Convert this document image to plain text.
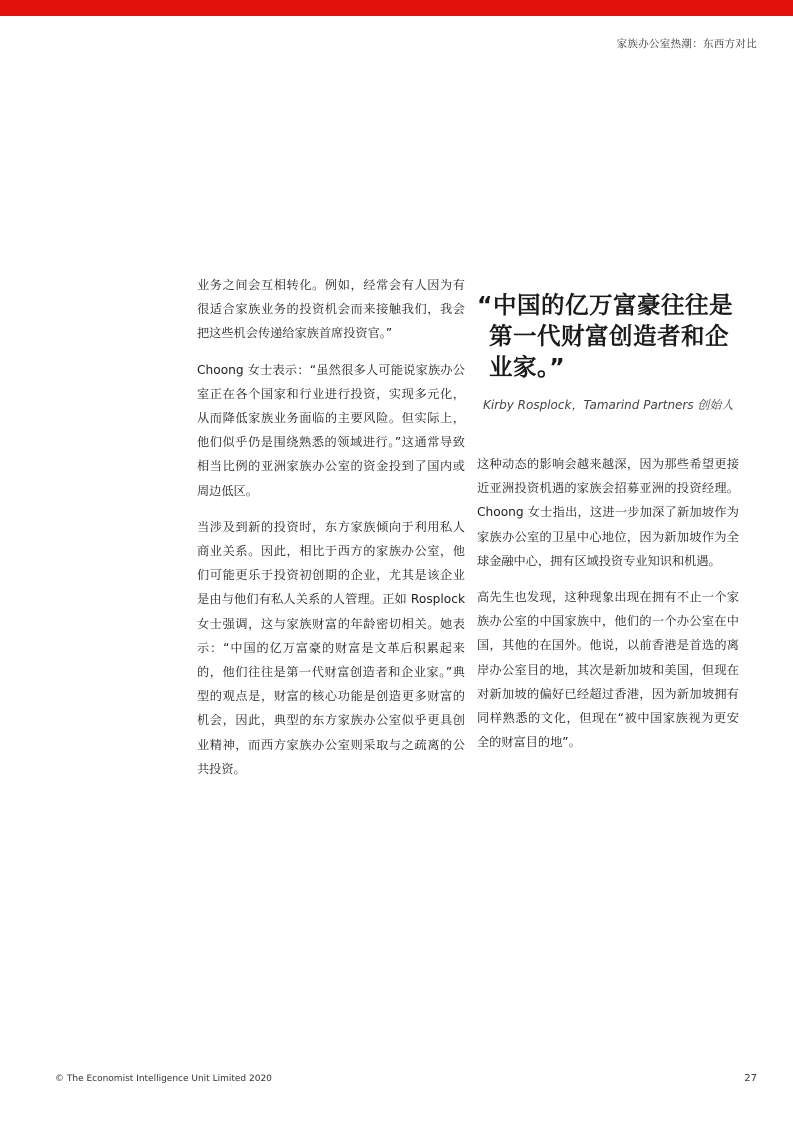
家族办公室热潮：东西方对比

业务之间会互相转化。例如，经常会有人因为有很适合家族业务的投资机会而来接触我们，我会把这些机会传递给家族首席投资官。”

Choong 女士表示：“虽然很多人可能说家族办公室正在各个国家和行业进行投资，实现多元化，从而降低家族业务面临的主要风险。但实际上，他们似乎仍是围绕熟悉的领域进行。”这通常导致相当比例的亚洲家族办公室的资金投到了国内或周边低区。

当涉及到新的投资时，东方家族倾向于利用私人商业关系。因此，相比于西方的家族办公室，他们可能更乐于投资初创期的企业，尤其是该企业是由与他们有私人关系的人管理。正如 Rosplock 女士强调，这与家族财富的年龄密切相关。她表示：“中国的亿万富豪的财富是文革后积累起来的，他们往往是第一代财富创造者和企业家。”典型的观点是，财富的核心功能是创造更多财富的机会，因此，典型的东方家族办公室似乎更具创业精神，而西方家族办公室则采取与之疏离的公共投资。

“中国的亿万富豪往往是第一代财富创造者和企业家。”
Kirby Rosplock，Tamarind Partners 创始人

这种动态的影响会越来越深，因为那些希望更接近亚洲投资机遇的家族会招募亚洲的投资经理。Choong 女士指出，这进一步加深了新加坡作为家族办公室的卫星中心地位，因为新加坡作为全球金融中心，拥有区域投资专业知识和机遇。

高先生也发现，这种现象出现在拥有不止一个家族办公室的中国家族中，他们的一个办公室在中国，其他的在国外。他说，以前香港是首选的离岸办公室目的地，其次是新加坡和美国，但现在对新加坡的偏好已经超过香港，因为新加坡拥有同样熟悉的文化，但现在“被中国家族视为更安全的财富目的地”。

© The Economist Intelligence Unit Limited 2020	27
